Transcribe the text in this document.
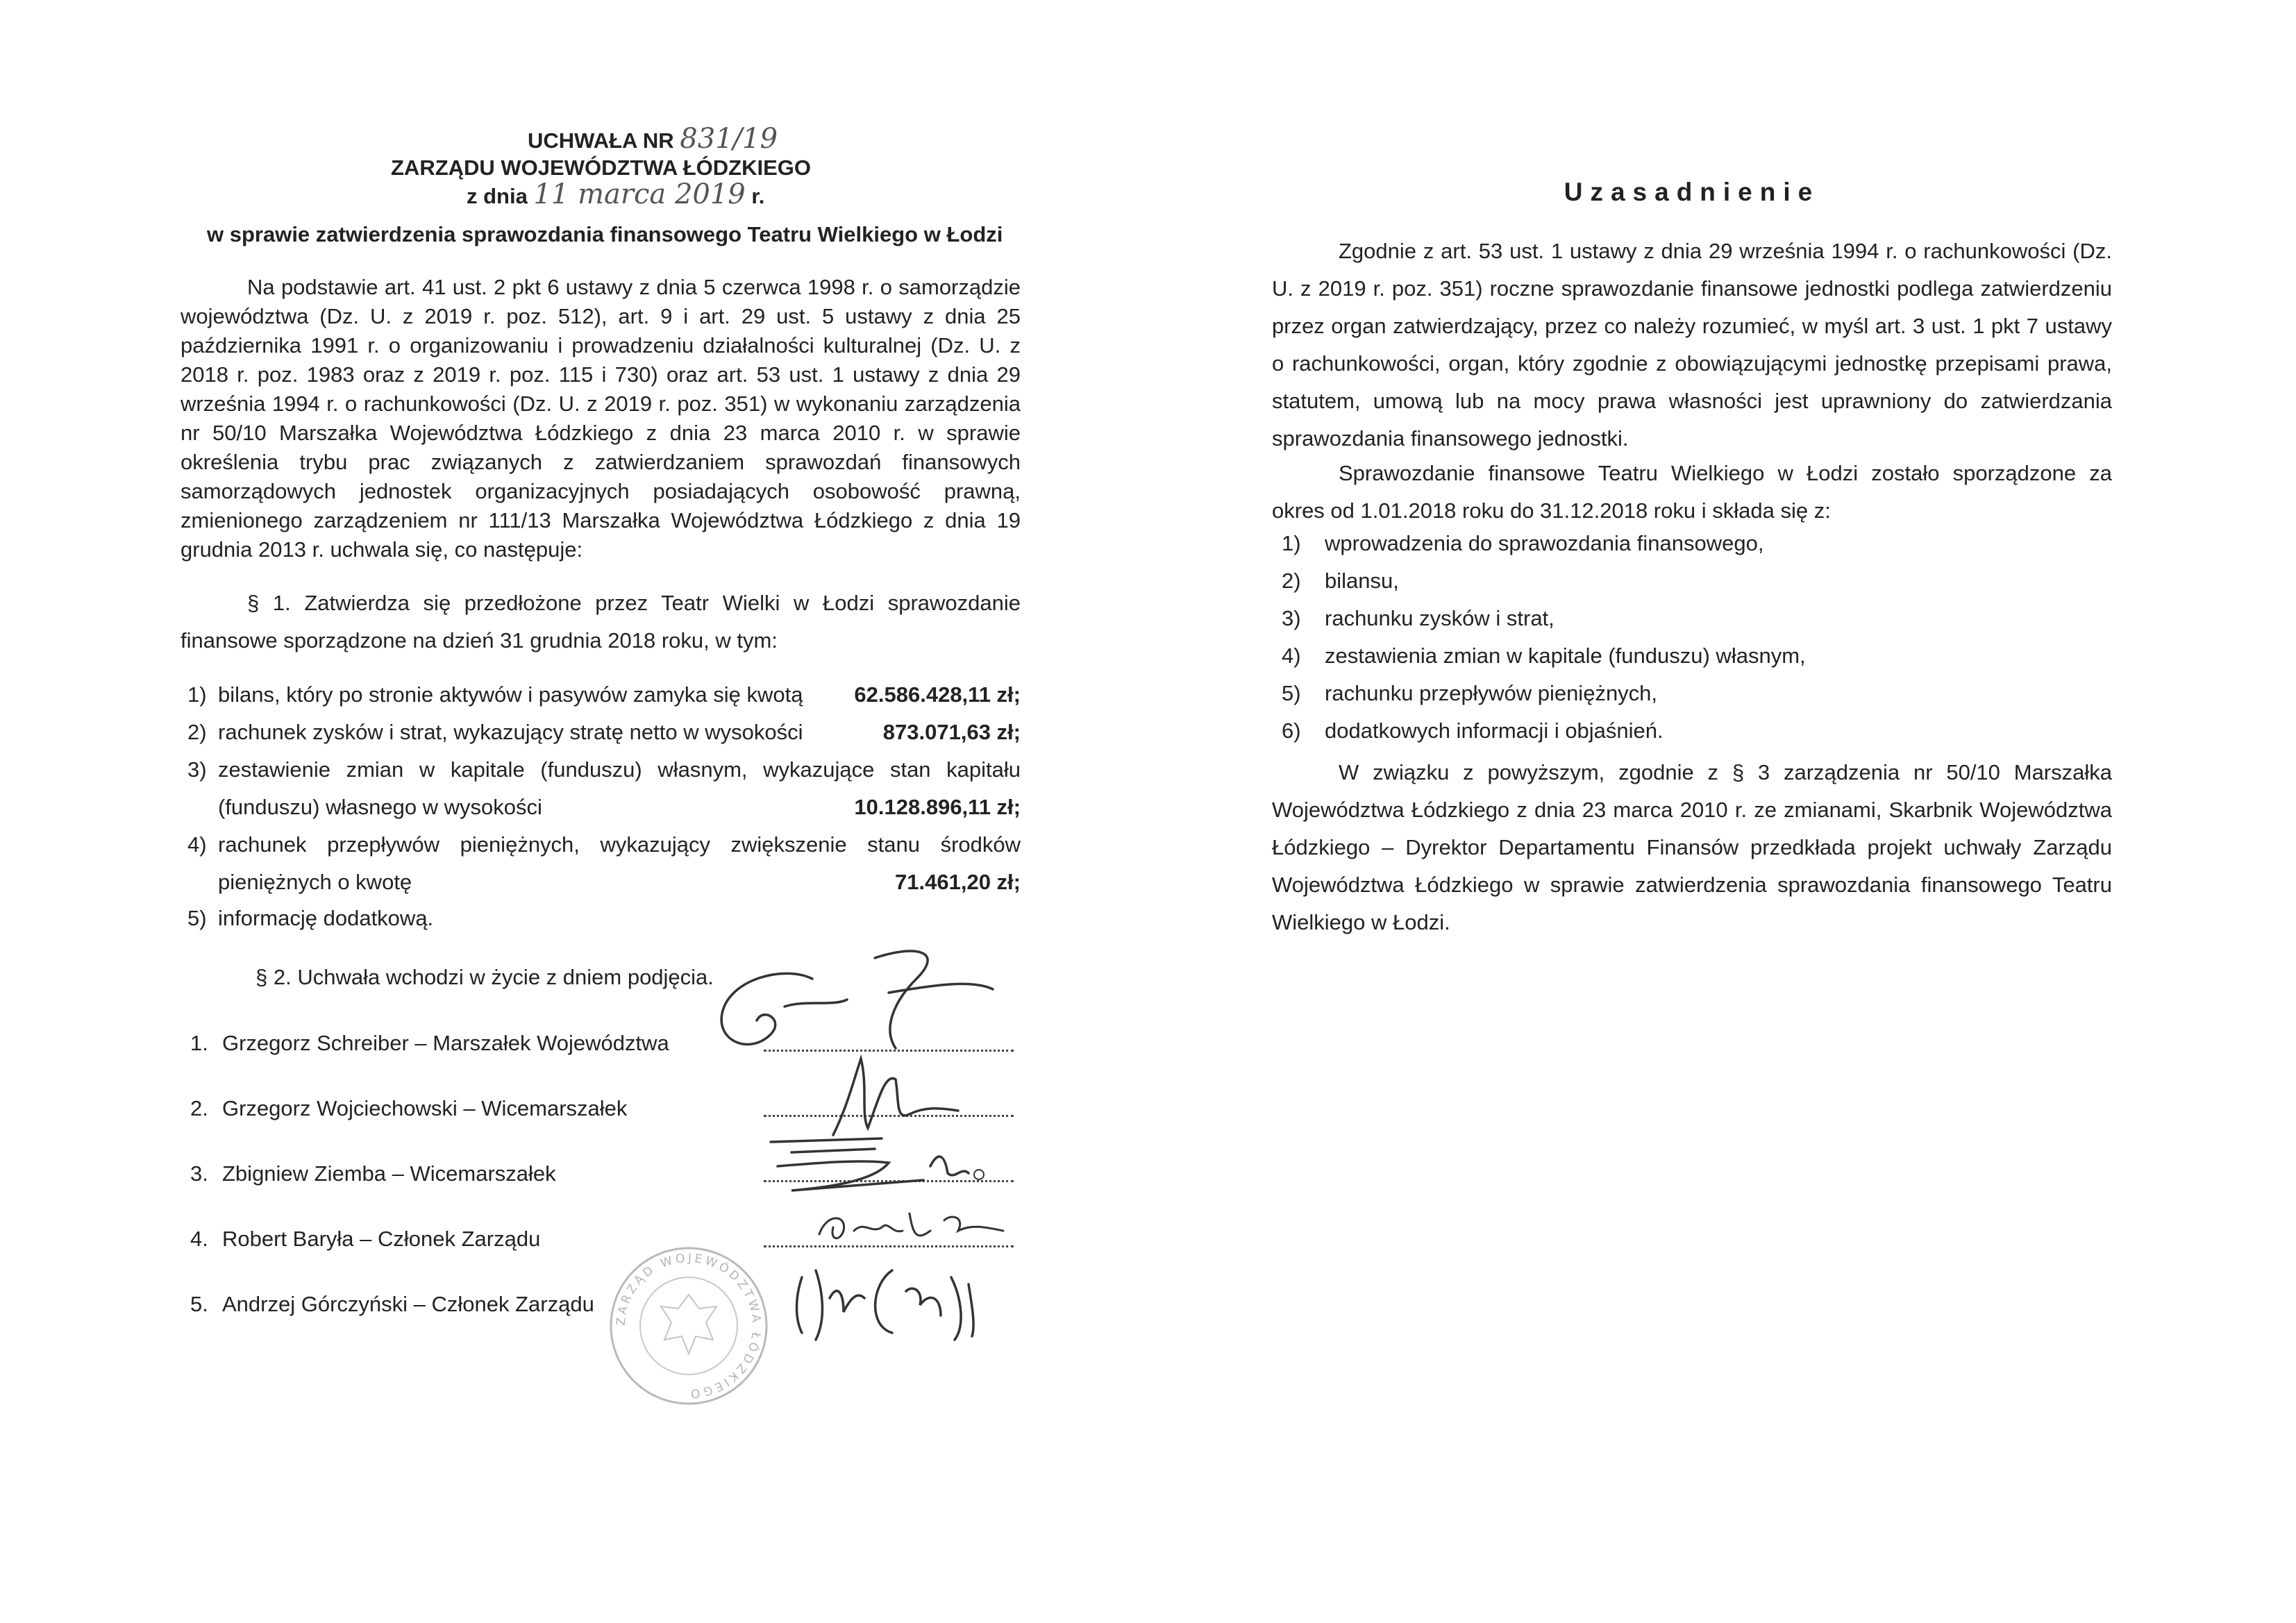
UCHWAŁA NR 831/19
ZARZĄDU WOJEWÓDZTWA ŁÓDZKIEGO
z dnia 11 marca 2019 r.
w sprawie zatwierdzenia sprawozdania finansowego Teatru Wielkiego w Łodzi
Na podstawie art. 41 ust. 2 pkt 6 ustawy z dnia 5 czerwca 1998 r. o samorządzie województwa (Dz. U. z 2019 r. poz. 512), art. 9 i art. 29 ust. 5 ustawy z dnia 25 października 1991 r. o organizowaniu i prowadzeniu działalności kulturalnej (Dz. U. z 2018 r. poz. 1983 oraz z 2019 r. poz. 115 i 730) oraz art. 53 ust. 1 ustawy z dnia 29 września 1994 r. o rachunkowości (Dz. U. z 2019 r. poz. 351) w wykonaniu zarządzenia nr 50/10 Marszałka Województwa Łódzkiego z dnia 23 marca 2010 r. w sprawie określenia trybu prac związanych z zatwierdzaniem sprawozdań finansowych samorządowych jednostek organizacyjnych posiadających osobowość prawną, zmienionego zarządzeniem nr 111/13 Marszałka Województwa Łódzkiego z dnia 19 grudnia 2013 r. uchwala się, co następuje:
§ 1. Zatwierdza się przedłożone przez Teatr Wielki w Łodzi sprawozdanie finansowe sporządzone na dzień 31 grudnia 2018 roku, w tym:
1) bilans, który po stronie aktywów i pasywów zamyka się kwotą	62.586.428,11 zł;
2) rachunek zysków i strat, wykazujący stratę netto w wysokości	873.071,63 zł;
3) zestawienie zmian w kapitale (funduszu) własnym, wykazujące stan kapitału
(funduszu) własnego w wysokości	10.128.896,11 zł;
4) rachunek przepływów pieniężnych, wykazujący zwiększenie stanu środków
pieniężnych o kwotę	71.461,20 zł;
5) informację dodatkową.
§ 2. Uchwała wchodzi w życie z dniem podjęcia.
1. Grzegorz Schreiber – Marszałek Województwa
2. Grzegorz Wojciechowski – Wicemarszałek
3. Zbigniew Ziemba – Wicemarszałek
4. Robert Baryła – Członek Zarządu
5. Andrzej Górczyński – Członek Zarządu
ZARZĄD WOJEWÓDZTWA ŁÓDZKIEGO
Uzasadnienie
Zgodnie z art. 53 ust. 1 ustawy z dnia 29 września 1994 r. o rachunkowości (Dz. U. z 2019 r. poz. 351) roczne sprawozdanie finansowe jednostki podlega zatwierdzeniu przez organ zatwierdzający, przez co należy rozumieć, w myśl art. 3 ust. 1 pkt 7 ustawy o rachunkowości, organ, który zgodnie z obowiązującymi jednostkę przepisami prawa, statutem, umową lub na mocy prawa własności jest uprawniony do zatwierdzania sprawozdania finansowego jednostki.
Sprawozdanie finansowe Teatru Wielkiego w Łodzi zostało sporządzone za okres od 1.01.2018 roku do 31.12.2018 roku i składa się z:
1) wprowadzenia do sprawozdania finansowego,
2) bilansu,
3) rachunku zysków i strat,
4) zestawienia zmian w kapitale (funduszu) własnym,
5) rachunku przepływów pieniężnych,
6) dodatkowych informacji i objaśnień.
W związku z powyższym, zgodnie z § 3 zarządzenia nr 50/10 Marszałka Województwa Łódzkiego z dnia 23 marca 2010 r. ze zmianami, Skarbnik Województwa Łódzkiego – Dyrektor Departamentu Finansów przedkłada projekt uchwały Zarządu Województwa Łódzkiego w sprawie zatwierdzenia sprawozdania finansowego Teatru Wielkiego w Łodzi.
